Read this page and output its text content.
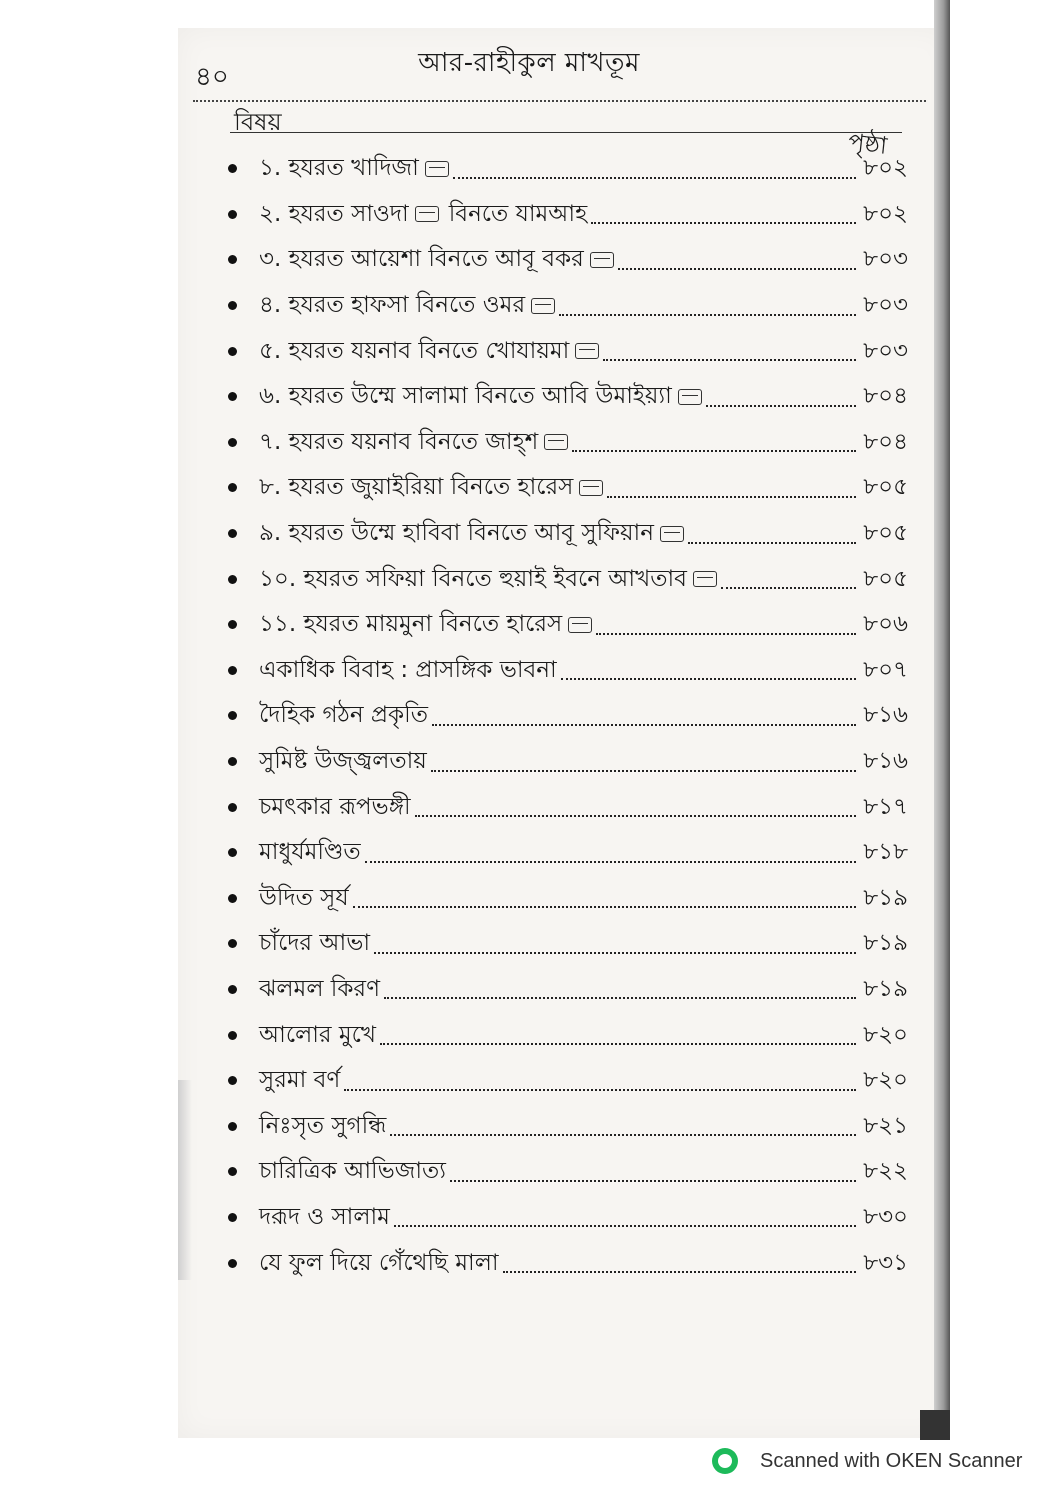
৪০	আর-রাহীকুল মাখতূম
বিষয়
পৃষ্ঠা
১. হযরত খাদিজা	৮০২
২. হযরত সাওদা বিনতে যামআহ	৮০২
৩. হযরত আয়েশা বিনতে আবূ বকর	৮০৩
৪. হযরত হাফসা বিনতে ওমর	৮০৩
৫. হযরত যয়নাব বিনতে খোযায়মা	৮০৩
৬. হযরত উম্মে সালামা বিনতে আবি উমাইয়্যা	৮০৪
৭. হযরত যয়নাব বিনতে জাহ্‌শ	৮০৪
৮. হযরত জুয়াইরিয়া বিনতে হারেস	৮০৫
৯. হযরত উম্মে হাবিবা বিনতে আবূ সুফিয়ান	৮০৫
১০. হযরত সফিয়া বিনতে হুয়াই ইবনে আখতাব	৮০৫
১১. হযরত মায়মুনা বিনতে হারেস	৮০৬
একাধিক বিবাহ : প্রাসঙ্গিক ভাবনা	৮০৭
দৈহিক গঠন প্রকৃতি	৮১৬
সুমিষ্ট উজ্জ্বলতায়	৮১৬
চমৎকার রূপভঙ্গী	৮১৭
মাধুর্যমণ্ডিত	৮১৮
উদিত সূর্য	৮১৯
চাঁদের আভা	৮১৯
ঝলমল কিরণ	৮১৯
আলোর মুখে	৮২০
সুরমা বর্ণ	৮২০
নিঃসৃত সুগন্ধি	৮২১
চারিত্রিক আভিজাত্য	৮২২
দরূদ ও সালাম	৮৩০
যে ফুল দিয়ে গেঁথেছি মালা	৮৩১
Scanned with OKEN Scanner
